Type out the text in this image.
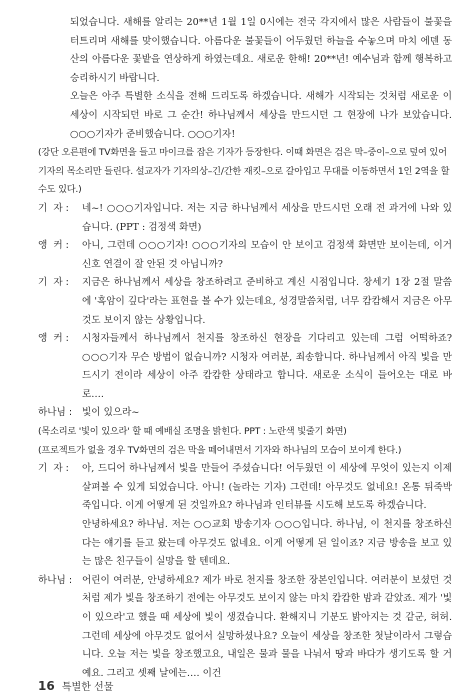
되었습니다. 새해를 알리는 20**년 1월 1일 0시에는 전국 각지에서 많은 사람들이 불꽃을 터트리며 새해를 맞이했습니다. 아름다운 불꽃들이 어두웠던 하늘을 수놓으며 마치 에덴 동산의 아름다운 꽃밭을 연상하게 하였는데요. 새로운 한해! 20**년! 예수님과 함께 행복하고 승리하시기 바랍니다.

오늘은 아주 특별한 소식을 전해 드리도록 하겠습니다. 새해가 시작되는 것처럼 새로운 이 세상이 시작되던 바로 그 순간! 하나님께서 세상을 만드시던 그 현장에 나가 보았습니다. ○○○기자가 준비했습니다. ○○○기자!

(강단 오른편에 TV화면을 들고 마이크를 잡은 기자가 등장한다. 이때 화면은 검은 막–중이–으로 덮여 있어 기자의 목소리만 들린다. 설교자가 기자의상–긴/간한 재킷–으로 갈아입고 무대를 이동하면서 1인 2역을 할 수도 있다.)

기  자 :	네~! ○○○기자입니다. 저는 지금 하나님께서 세상을 만드시던 오래 전 과거에 나와 있습니다. (PPT : 검정색 화면)
앵  커 :	아니, 그런데 ○○○기자! ○○○기자의 모습이 안 보이고 검정색 화면만 보이는데, 이거 신호 연결이 잘 안된 것 아닙니까?
기  자 :	지금은 하나님께서 세상을 창조하려고 준비하고 계신 시점입니다. 창세기 1장 2절 말씀에 '흑암이 깊다'라는 표현을 볼 수가 있는데요, 성경말씀처럼, 너무 캄캄해서 지금은 아무것도 보이지 않는 상황입니다.
앵  커 :	시청자들께서 하나님께서 천지를 창조하신 현장을 기다리고 있는데 그럼 어떡하죠? ○○○기자 무슨 방법이 없습니까? 시청자 여러분, 죄송합니다. 하나님께서 아직 빛을 만드시기 전이라 세상이 아주 캄캄한 상태라고 합니다. 새로운 소식이 들어오는 대로 바로….
하나님 :	빛이 있으라~

(목소리로 '빛이 있으라' 할 때 예배실 조명을 밝힌다. PPT : 노란색 빛줄기 화면)

(프로젝트가 없을 경우 TV화면의 검은 막을 떼어내면서 기자와 하나님의 모습이 보이게 한다.)

기  자 :	아, 드디어 하나님께서 빛을 만들어 주셨습니다! 어두웠던 이 세상에 무엇이 있는지 이제 살펴볼 수 있게 되었습니다. 아니! (놀라는 기자) 그런데! 아무것도 없네요! 온통 뒤죽박죽입니다. 이게 어떻게 된 것일까요? 하나님과 인터뷰를 시도해 보도록 하겠습니다.
안녕하세요? 하나님. 저는 ○○교회 방송기자 ○○○입니다. 하나님, 이 천지를 창조하신다는 얘기를 듣고 왔는데 아무것도 없네요. 이게 어떻게 된 일이죠? 지금 방송을 보고 있는 많은 친구들이 실망을 할 텐데요.
하나님 :	어린이 여러분, 안녕하세요? 제가 바로 천지를 창조한 장본인입니다. 여러분이 보셨던 것처럼 제가 빛을 창조하기 전에는 아무것도 보이지 않는 마치 캄캄한 밤과 같았죠. 제가 '빛이 있으라'고 했을 때 세상에 빛이 생겼습니다. 환해지니 기분도 밝아지는 것 같군, 허허. 그런데 세상에 아무것도 없어서 실망하셨나요? 오늘이 세상을 창조한 첫날이라서 그렇습니다. 오늘 저는 빛을 창조했고요, 내일은 물과 물을 나눠서 땅과 바다가 생기도록 할 거예요. 그리고 셋째 날에는…. 이건
16 특별한 선물
